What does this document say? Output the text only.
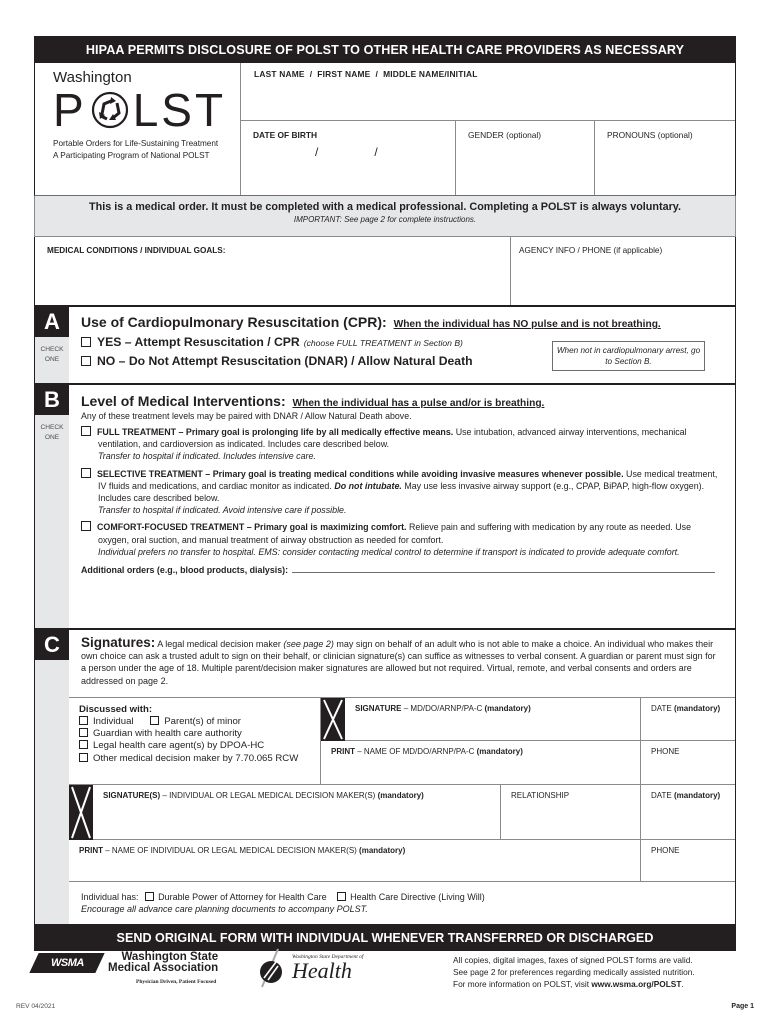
HIPAA PERMITS DISCLOSURE OF POLST TO OTHER HEALTH CARE PROVIDERS AS NECESSARY
Washington
P LST
Portable Orders for Life-Sustaining Treatment
A Participating Program of National POLST
LAST NAME  /  FIRST NAME  /  MIDDLE NAME/INITIAL
DATE OF BIRTH
/	/
GENDER (optional)	PRONOUNS (optional)
This is a medical order. It must be completed with a medical professional. Completing a POLST is always voluntary.
IMPORTANT: See page 2 for complete instructions.
MEDICAL CONDITIONS / INDIVIDUAL GOALS:	AGENCY INFO / PHONE (if applicable)
A
CHECK
ONE
Use of Cardiopulmonary Resuscitation (CPR): When the individual has NO pulse and is not breathing.
YES – Attempt Resuscitation / CPR (choose FULL TREATMENT in Section B)
NO – Do Not Attempt Resuscitation (DNAR) / Allow Natural Death
When not in cardiopulmonary arrest, go to Section B.
B
CHECK
ONE
Level of Medical Interventions: When the individual has a pulse and/or is breathing.
Any of these treatment levels may be paired with DNAR / Allow Natural Death above.
FULL TREATMENT – Primary goal is prolonging life by all medically effective means. Use intubation, advanced airway interventions, mechanical ventilation, and cardioversion as indicated. Includes care described below.
Transfer to hospital if indicated. Includes intensive care.
SELECTIVE TREATMENT – Primary goal is treating medical conditions while avoiding invasive measures whenever possible. Use medical treatment, IV fluids and medications, and cardiac monitor as indicated. Do not intubate. May use less invasive airway support (e.g., CPAP, BiPAP, high-flow oxygen). Includes care described below.
Transfer to hospital if indicated. Avoid intensive care if possible.
COMFORT-FOCUSED TREATMENT – Primary goal is maximizing comfort. Relieve pain and suffering with medication by any route as needed. Use oxygen, oral suction, and manual treatment of airway obstruction as needed for comfort.
Individual prefers no transfer to hospital. EMS: consider contacting medical control to determine if transport is indicated to provide adequate comfort.
Additional orders (e.g., blood products, dialysis):
C	Signatures: A legal medical decision maker (see page 2) may sign on behalf of an adult who is not able to make a choice. An individual who makes their own choice can ask a trusted adult to sign on their behalf, or clinician signature(s) can suffice as witnesses to verbal consent. A guardian or parent must sign for a person under the age of 18. Multiple parent/decision maker signatures are allowed but not required. Virtual, remote, and verbal consents and orders are addressed on page 2.
Discussed with:
Individual	Parent(s) of minor
Guardian with health care authority
Legal health care agent(s) by DPOA-HC
Other medical decision maker by 7.70.065 RCW
SIGNATURE – MD/DO/ARNP/PA-C (mandatory)	DATE (mandatory)
PRINT – NAME OF MD/DO/ARNP/PA-C (mandatory)	PHONE
SIGNATURE(S) – INDIVIDUAL OR LEGAL MEDICAL DECISION MAKER(S) (mandatory)	RELATIONSHIP	DATE (mandatory)
PRINT – NAME OF INDIVIDUAL OR LEGAL MEDICAL DECISION MAKER(S) (mandatory)	PHONE
Individual has: Durable Power of Attorney for Health Care	Health Care Directive (Living Will)
Encourage all advance care planning documents to accompany POLST.
SEND ORIGINAL FORM WITH INDIVIDUAL WHENEVER TRANSFERRED OR DISCHARGED
WSMA	Washington State
Medical Association
Physician Driven, Patient Focused
Washington State Department of
Health
REV 04/2021
All copies, digital images, faxes of signed POLST forms are valid.
See page 2 for preferences regarding medically assisted nutrition.
For more information on POLST, visit www.wsma.org/POLST.
Page 1
